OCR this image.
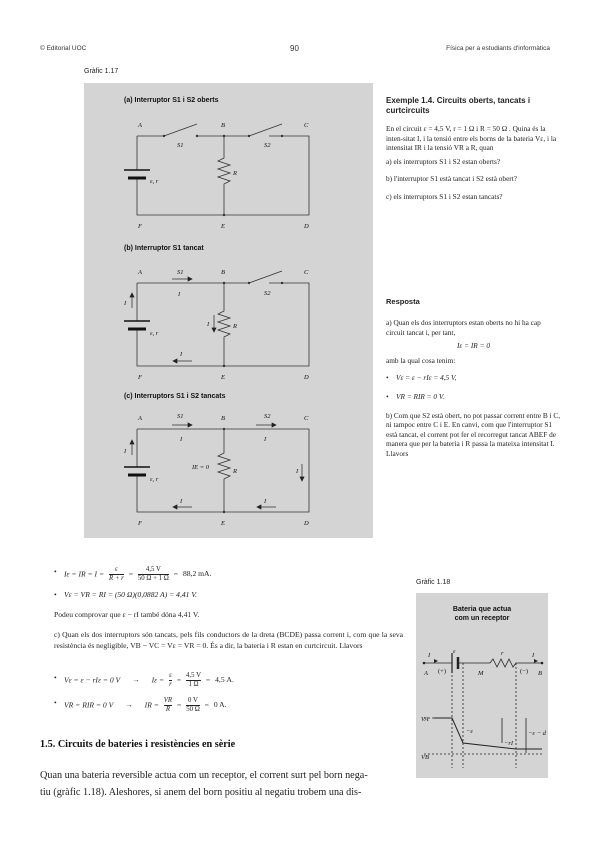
© Editorial UOC	90	Física per a estudiants d'informàtica
Gràfic 1.17
(a) Interruptor S1 i S2 oberts
(b) Interruptor S1 tancat
(c) Interruptors S1 i S2 tancats
A	B	C
F	E	D
S1	S2
R
ε, r
A	B	C
F	E	D
S1
S2
I
I
I	R
ε, r
I
A	B	C
F	E	D
S1	S2
I	I
I
I
IE = 0
R
ε, r
I	I
Exemple 1.4. Circuits oberts, tancats i curtcircuits
En el circuit ε = 4,5 V, r = 1 Ω i R = 50 Ω . Quina és la inten-sitat I, i la tensió entre els borns de la bateria Vε, i la intensitat IR i la tensió VR a R, quan
a) els interruptors S1 i S2 estan oberts?
b) l'interruptor S1 està tancat i S2 està obert?
c) els interruptors S1 i S2 estan tancats?
Resposta
a) Quan els dos interruptors estan oberts no hi ha cap circuit tancat i, per tant,
Iε = IR = 0
amb la qual cosa tenim:
• Vε = ε − rIε = 4,5 V,
• VR = RIR = 0 V.
b) Com que S2 està obert, no pot passar corrent entre B i C, ni tampoc entre C i E. En canvi, com que l'interruptor S1 està tancat, el corrent pot fer el recorregut tancat ABEF de manera que per la bateria i R passa la mateixa intensitat I. Llavors
• Iε = IR = $I = \frac{\varepsilon}{R + r} = \frac{4,5 V}{50 \Omega + 1 \Omega} = 88,2$ mA.
• Vε = VR = RI = (50 Ω)(0,0882 A) = 4,41 V.
Podeu comprovar que ε − rI també dóna 4,41 V.
c) Quan els dos interruptors són tancats, pels fils conductors de la dreta (BCDE) passa corrent i, com que la seva resistència és negligible, VB − VC = Vε = VR = 0. És a dir, la bateria i R estan en curtcircuit. Llavors
• Vε = ε − rIε = 0 $V \to I\varepsilon = \frac{\varepsilon}{r} = \frac{4,5 V}{1 \Omega} = 4,5$ A.
• VR = RIR = 0 V → IR = $\frac{VR}{R} = \frac{0 V}{50 \Omega} = 0$ A.
Gràfic 1.18
Bateria que actua
com un receptor
A	B
M
(+)	(−)
ε	r
I	I
VA
VB
−ε
−rI
−ε − d
1.5. Circuits de bateries i resistències en sèrie
Quan una bateria reversible actua com un receptor, el corrent surt pel born nega-
tiu (gràfic 1.18). Aleshores, si anem del born positiu al negatiu trobem una dis-
